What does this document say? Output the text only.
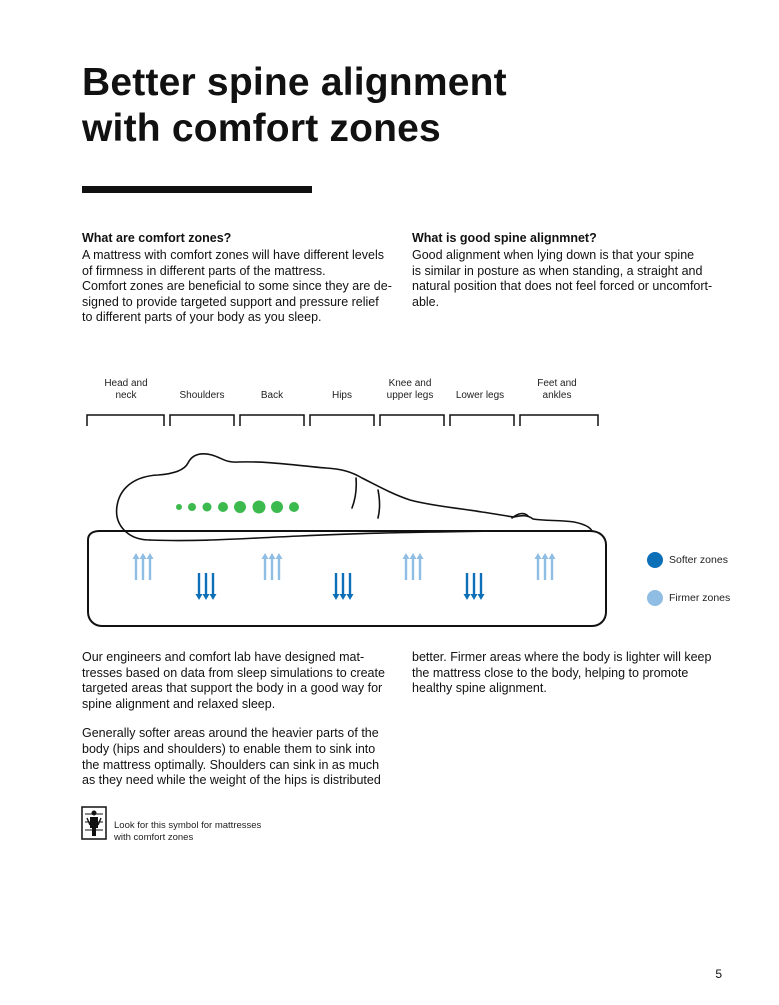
Better spine alignment
with comfort zones

What are comfort zones?

A mattress with comfort zones will have different levels
of firmness in different parts of the mattress.
Comfort zones are beneficial to some since they are de-
signed to provide targeted support and pressure relief
to different parts of your body as you sleep.

What is good spine alignmnet?

Good alignment when lying down is that your spine
is similar in posture as when standing, a straight and
natural position that does not feel forced or uncomfort-
able.

Head and
neck	Shoulders	Back	Hips
Knee and
upper legs	Lower legs
Feet and
ankles
Softer zones
Firmer zones

Our engineers and comfort lab have designed mat-
tresses based on data from sleep simulations to create
targeted areas that support the body in a good way for
spine alignment and relaxed sleep.

Generally softer areas around the heavier parts of the
body (hips and shoulders) to enable them to sink into
the mattress optimally. Shoulders can sink in as much
as they need while the weight of the hips is distributed

better. Firmer areas where the body is lighter will keep
the mattress close to the body, helping to promote
healthy spine alignment.

Look for this symbol for mattresses
with comfort zones
5
